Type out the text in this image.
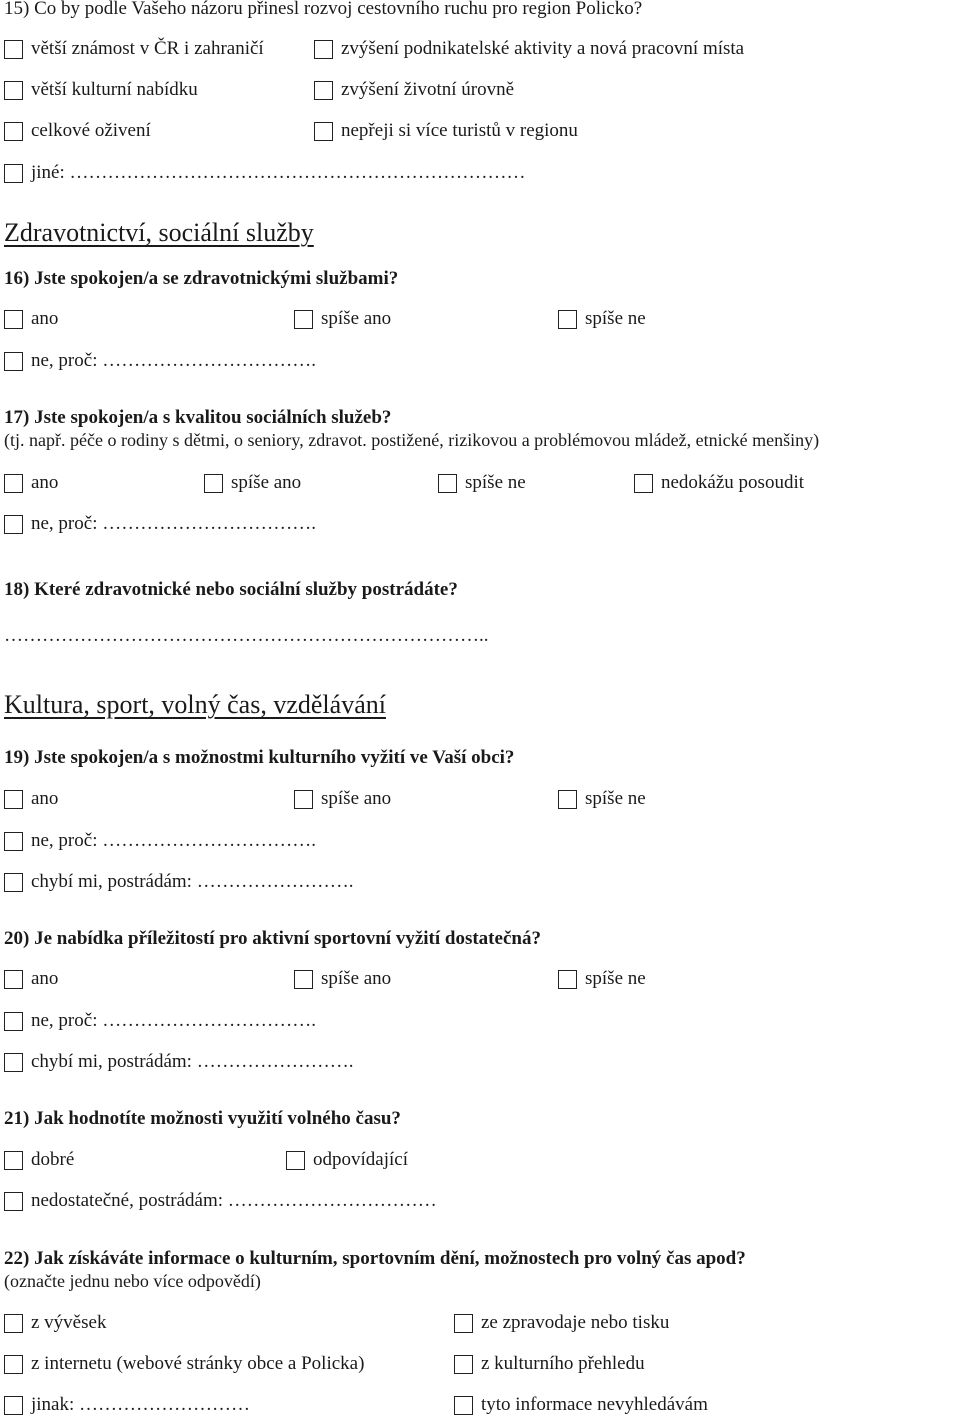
15) Co by podle Vašeho názoru přinesl rozvoj cestovního ruchu pro region Policko?
větší známost v ČR i zahraničí	zvýšení podnikatelské aktivity a nová pracovní místa
větší kulturní nabídku	zvýšení životní úrovně
celkové oživení	nepřeji si více turistů v regionu
jiné: ………………………………………………………………
Zdravotnictví, sociální služby
16) Jste spokojen/a se zdravotnickými službami?
ano	spíše ano	spíše ne
ne, proč: …………………………….
17) Jste spokojen/a s kvalitou sociálních služeb?
(tj. např. péče o rodiny s dětmi, o seniory, zdravot. postižené, rizikovou a problémovou mládež, etnické menšiny)
ano	spíše ano	spíše ne	nedokážu posoudit
ne, proč: …………………………….
18) Které zdravotnické nebo sociální služby postrádáte?
…………………………………………………………………..
Kultura, sport, volný čas, vzdělávání
19) Jste spokojen/a s možnostmi kulturního vyžití ve Vaší obci?
ano	spíše ano	spíše ne
ne, proč: …………………………….
chybí mi, postrádám: …………………….
20) Je nabídka příležitostí pro aktivní sportovní vyžití dostatečná?
ano	spíše ano	spíše ne
ne, proč: …………………………….
chybí mi, postrádám: …………………….
21) Jak hodnotíte možnosti využití volného času?
dobré	odpovídající
nedostatečné, postrádám: ……………………………
22) Jak získáváte informace o kulturním, sportovním dění, možnostech pro volný čas apod?
(označte jednu nebo více odpovědí)
z vývěsek	ze zpravodaje nebo tisku
z internetu (webové stránky obce a Policka)	z kulturního přehledu
jinak: ………………………	tyto informace nevyhledávám
